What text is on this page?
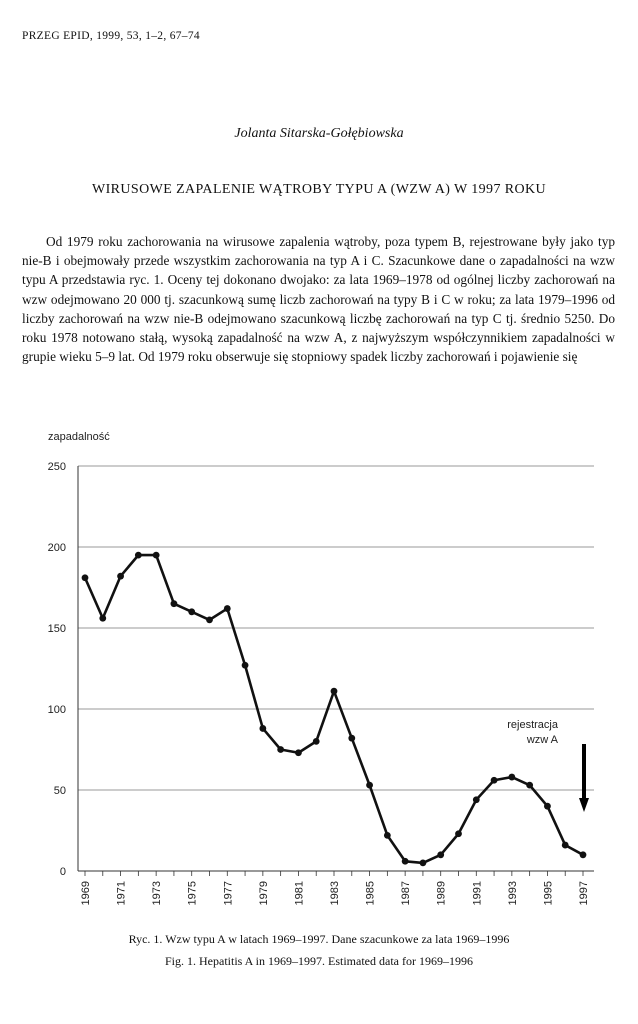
PRZEG EPID, 1999, 53, 1–2, 67–74
Jolanta Sitarska-Gołębiowska
WIRUSOWE ZAPALENIE WĄTROBY TYPU A (WZW A) W 1997 ROKU

Od 1979 roku zachorowania na wirusowe zapalenia wątroby, poza typem B, rejestrowane były jako typ nie-B i obejmowały przede wszystkim zachorowania na typ A i C. Szacunkowe dane o zapadalności na wzw typu A przedstawia ryc. 1. Oceny tej dokonano dwojako: za lata 1969–1978 od ogólnej liczby zachorowań na wzw odejmowano 20 000 tj. szacunkową sumę liczb zachorowań na typy B i C w roku; za lata 1979–1996 od liczby zachorowań na wzw nie-B odejmowano szacunkową liczbę zachorowań na typ C tj. średnio 5250. Do roku 1978 notowano stałą, wysoką zapadalność na wzw A, z najwyższym współczynnikiem zapadalności w grupie wieku 5–9 lat. Od 1979 roku obserwuje się stopniowy spadek liczby zachorowań i pojawienie się

zapadalność
0
50
100
150
200
250
1969 1971 1973 1975 1977 1979 1981 1983 1985 1987 1989 1991 1993 1995 1997
rejestracja
wzw A
Ryc. 1. Wzw typu A w latach 1969–1997. Dane szacunkowe za lata 1969–1996
Fig. 1. Hepatitis A in 1969–1997. Estimated data for 1969–1996
